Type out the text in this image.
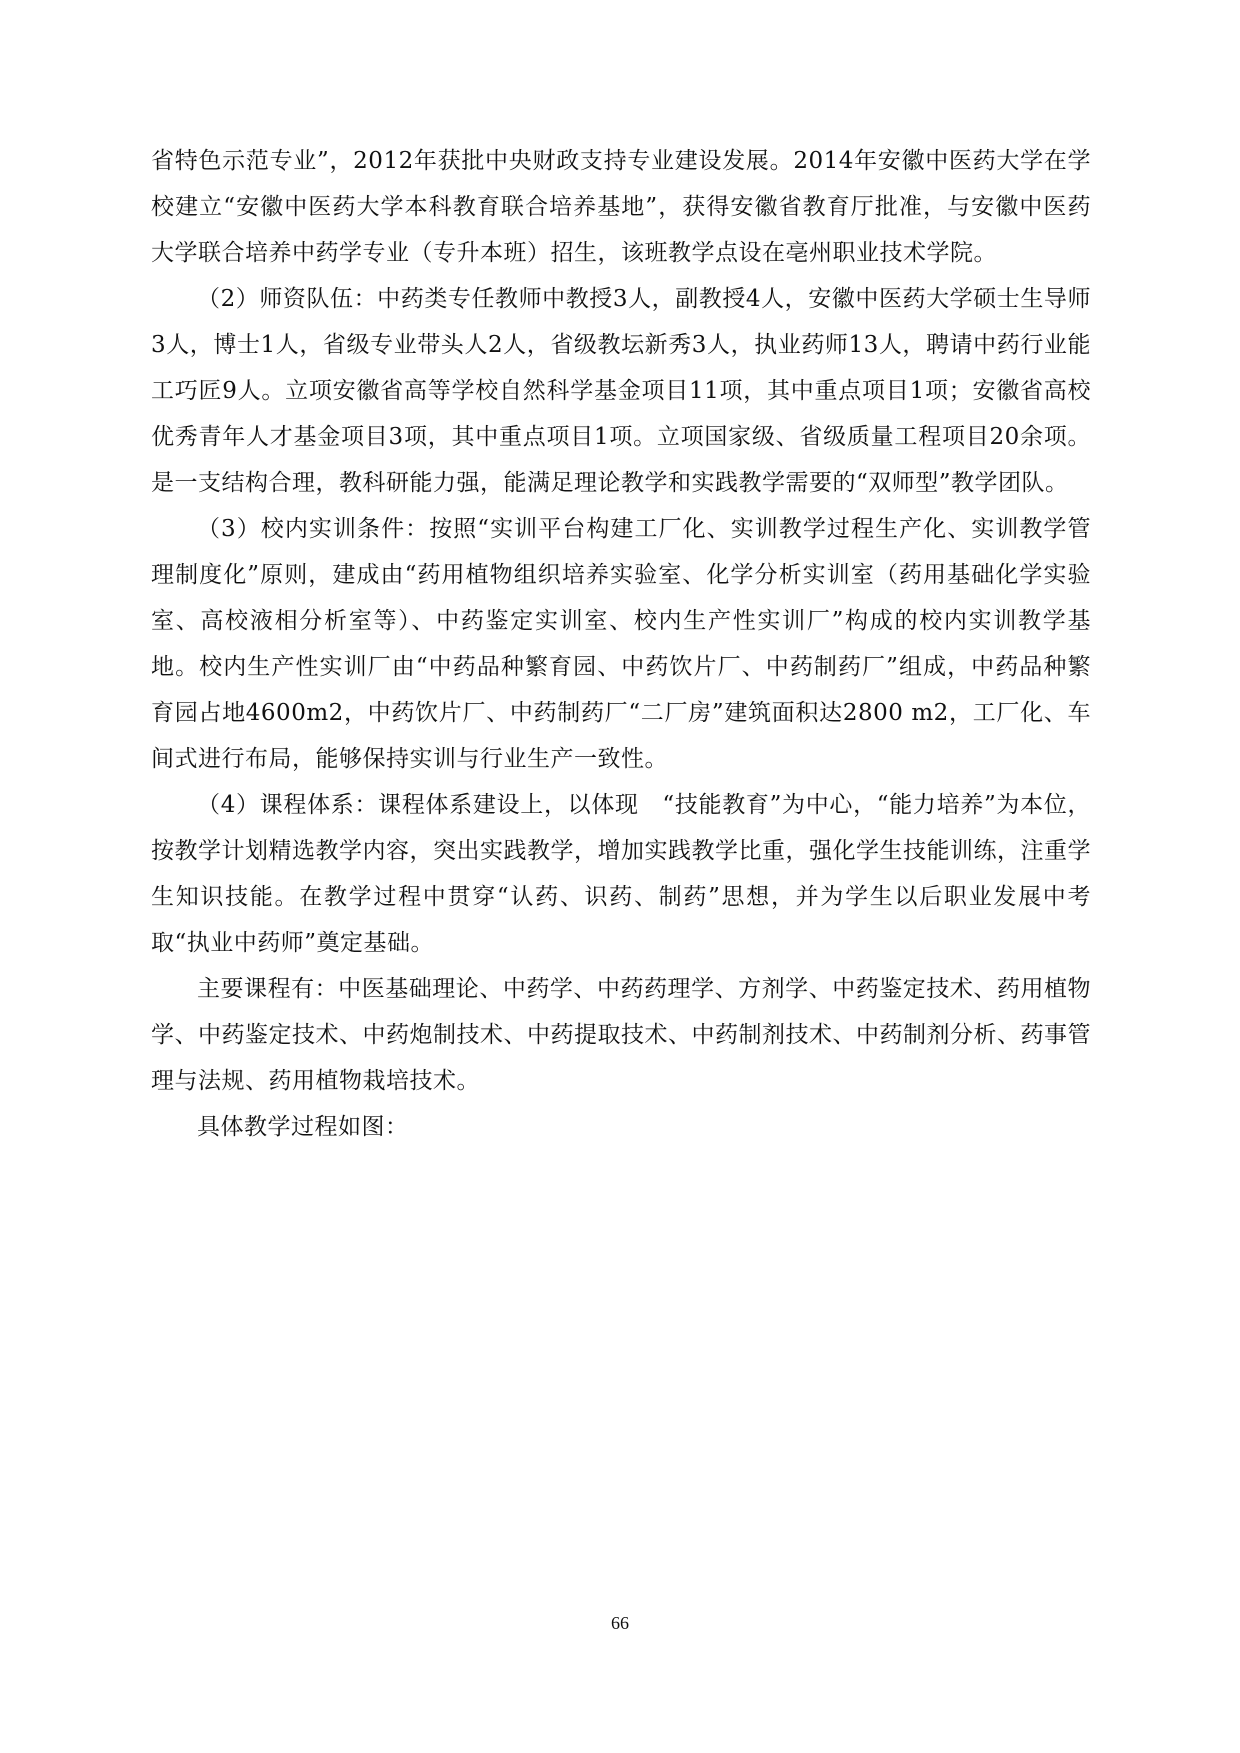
省特色示范专业”，2012年获批中央财政支持专业建设发展。2014年安徽中医药大学在学校建立“安徽中医药大学本科教育联合培养基地”，获得安徽省教育厅批准，与安徽中医药大学联合培养中药学专业（专升本班）招生，该班教学点设在亳州职业技术学院。

（2）师资队伍：中药类专任教师中教授3人，副教授4人，安徽中医药大学硕士生导师3人，博士1人，省级专业带头人2人，省级教坛新秀3人，执业药师13人，聘请中药行业能工巧匠9人。立项安徽省高等学校自然科学基金项目11项，其中重点项目1项；安徽省高校优秀青年人才基金项目3项，其中重点项目1项。立项国家级、省级质量工程项目20余项。是一支结构合理，教科研能力强，能满足理论教学和实践教学需要的“双师型”教学团队。

（3）校内实训条件：按照“实训平台构建工厂化、实训教学过程生产化、实训教学管理制度化”原则，建成由“药用植物组织培养实验室、化学分析实训室（药用基础化学实验室、高校液相分析室等）、中药鉴定实训室、校内生产性实训厂”构成的校内实训教学基地。校内生产性实训厂由“中药品种繁育园、中药饮片厂、中药制药厂”组成，中药品种繁育园占地4600m2，中药饮片厂、中药制药厂“二厂房”建筑面积达2800 m2，工厂化、车间式进行布局，能够保持实训与行业生产一致性。

（4）课程体系：课程体系建设上，以体现　“技能教育”为中心，“能力培养”为本位，按教学计划精选教学内容，突出实践教学，增加实践教学比重，强化学生技能训练，注重学生知识技能。在教学过程中贯穿“认药、识药、制药”思想，并为学生以后职业发展中考取“执业中药师”奠定基础。

主要课程有：中医基础理论、中药学、中药药理学、方剂学、中药鉴定技术、药用植物学、中药鉴定技术、中药炮制技术、中药提取技术、中药制剂技术、中药制剂分析、药事管理与法规、药用植物栽培技术。

具体教学过程如图：

66
